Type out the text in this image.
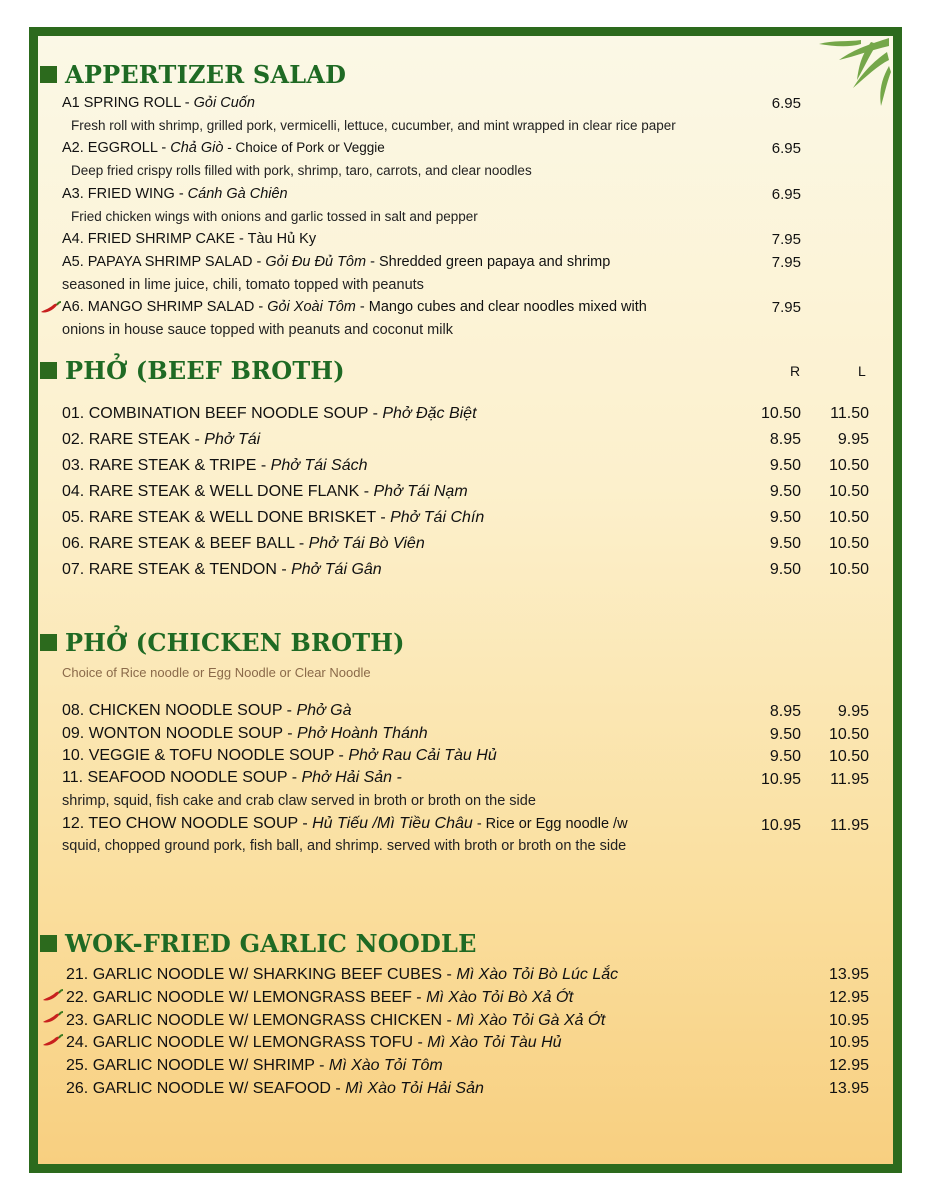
APPERTIZER SALAD
A1 SPRING ROLL - Gỏi Cuốn	6.95
Fresh roll with shrimp, grilled pork, vermicelli, lettuce, cucumber, and mint wrapped in clear rice paper
A2. EGGROLL - Chả Giò - Choice of Pork or Veggie	6.95
Deep fried crispy rolls filled with pork, shrimp, taro, carrots, and clear noodles
A3. FRIED WING - Cánh Gà Chiên	6.95
Fried chicken wings with onions and garlic tossed in salt and pepper
A4. FRIED SHRIMP CAKE - Tàu Hủ Ky	7.95
A5. PAPAYA SHRIMP SALAD - Gỏi Đu Đủ Tôm - Shredded green papaya and shrimp	7.95
seasoned in lime juice, chili, tomato topped with peanuts
A6. MANGO SHRIMP SALAD - Gỏi Xoài Tôm - Mango cubes and clear noodles mixed with	7.95
onions in house sauce topped with peanuts and coconut milk
PHỞ (BEEF BROTH)	R	L
01. COMBINATION BEEF NOODLE SOUP - Phở Đặc Biệt	10.50 11.50
02. RARE STEAK - Phở Tái	8.95 9.95
03. RARE STEAK & TRIPE - Phở Tái Sách	9.50 10.50
04. RARE STEAK & WELL DONE FLANK - Phở Tái Nạm	9.50 10.50
05. RARE STEAK & WELL DONE BRISKET - Phở Tái Chín	9.50 10.50
06. RARE STEAK & BEEF BALL - Phở Tái Bò Viên	9.50 10.50
07. RARE STEAK & TENDON - Phở Tái Gân	9.50 10.50
PHỞ (CHICKEN BROTH)
Choice of Rice noodle or Egg Noodle or Clear Noodle
08. CHICKEN NOODLE SOUP - Phở Gà	8.95 9.95
09. WONTON NOODLE SOUP - Phở Hoành Thánh	9.50 10.50
10. VEGGIE & TOFU NOODLE SOUP - Phở Rau Cải Tàu Hủ	9.50 10.50
11. SEAFOOD NOODLE SOUP - Phở Hải Sản -	10.95 11.95
shrimp, squid, fish cake and crab claw served in broth or broth on the side
12. TEO CHOW NOODLE SOUP - Hủ Tiếu /Mì Tiều Châu - Rice or Egg noodle /w	10.95 11.95
squid, chopped ground pork, fish ball, and shrimp. served with broth or broth on the side
WOK-FRIED GARLIC NOODLE
21. GARLIC NOODLE W/ SHARKING BEEF CUBES - Mì Xào Tỏi Bò Lúc Lắc	13.95
22. GARLIC NOODLE W/ LEMONGRASS BEEF - Mì Xào Tỏi Bò Xả Ớt	12.95
23. GARLIC NOODLE W/ LEMONGRASS CHICKEN - Mì Xào Tỏi Gà Xả Ớt	10.95
24. GARLIC NOODLE W/ LEMONGRASS TOFU - Mì Xào Tỏi Tàu Hủ	10.95
25. GARLIC NOODLE W/ SHRIMP - Mì Xào Tỏi Tôm	12.95
26. GARLIC NOODLE W/ SEAFOOD - Mì Xào Tỏi Hải Sản	13.95
